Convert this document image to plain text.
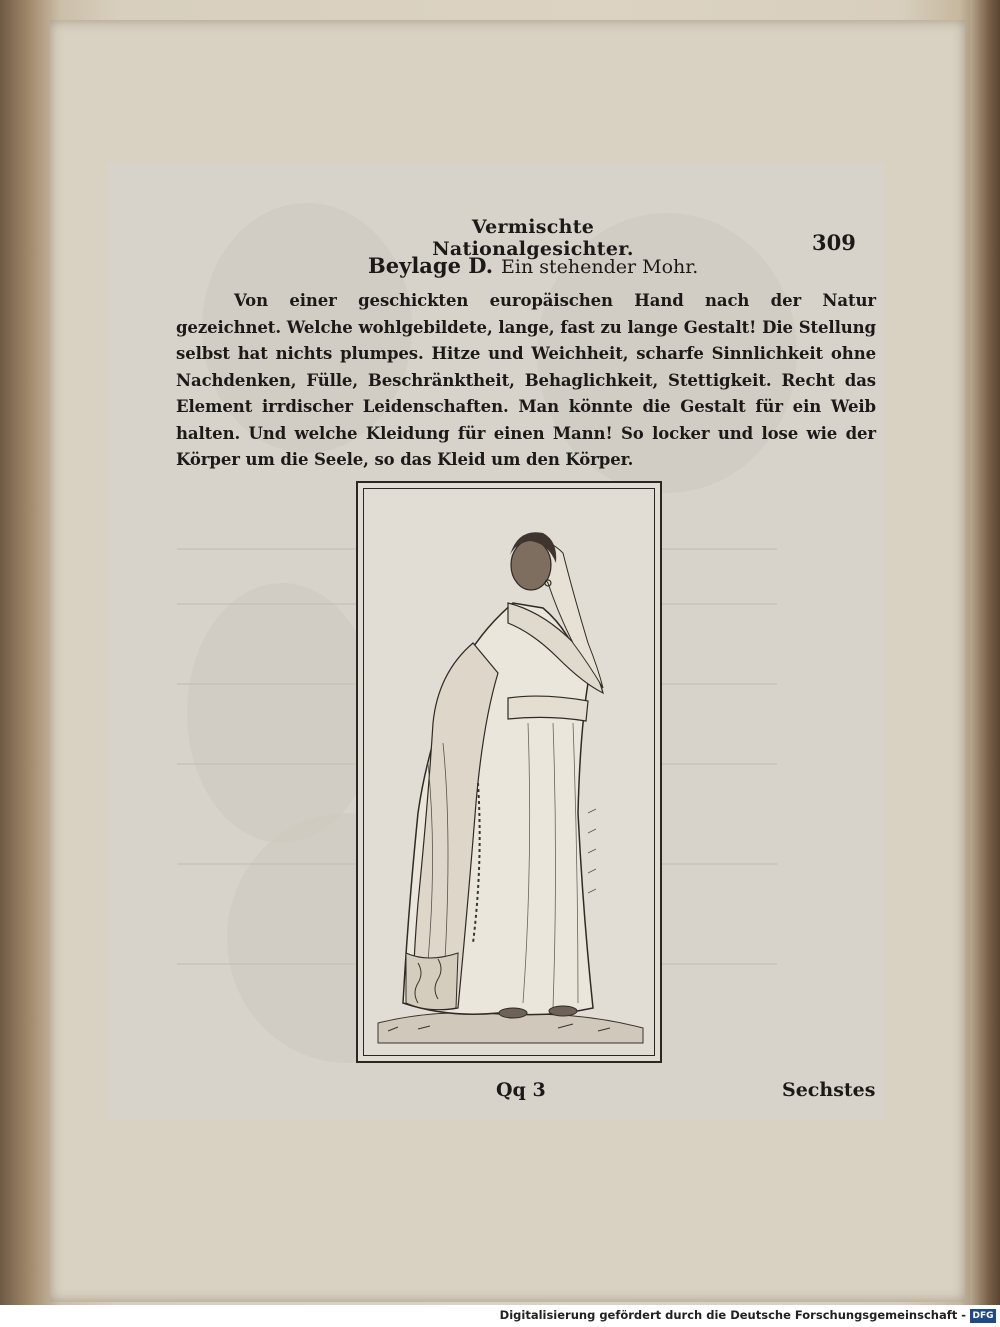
Vermischte Nationalgesichter.	309
Beylage D. Ein stehender Mohr.
Von einer geschickten europäischen Hand nach der Natur gezeichnet. Welche wohlgebildete, lange, fast zu lange Gestalt! Die Stellung selbst hat nichts plumpes. Hitze und Weichheit, scharfe Sinnlichkeit ohne Nachdenken, Fülle, Beschränktheit, Behaglichkeit, Stettigkeit. Recht das Element irrdischer Leidenschaften. Man könnte die Gestalt für ein Weib halten. Und welche Kleidung für einen Mann! So locker und lose wie der Körper um die Seele, so das Kleid um den Körper.
Qq 3	Sechstes
Digitalisierung gefördert durch die Deutsche Forschungsgemeinschaft - DFG
